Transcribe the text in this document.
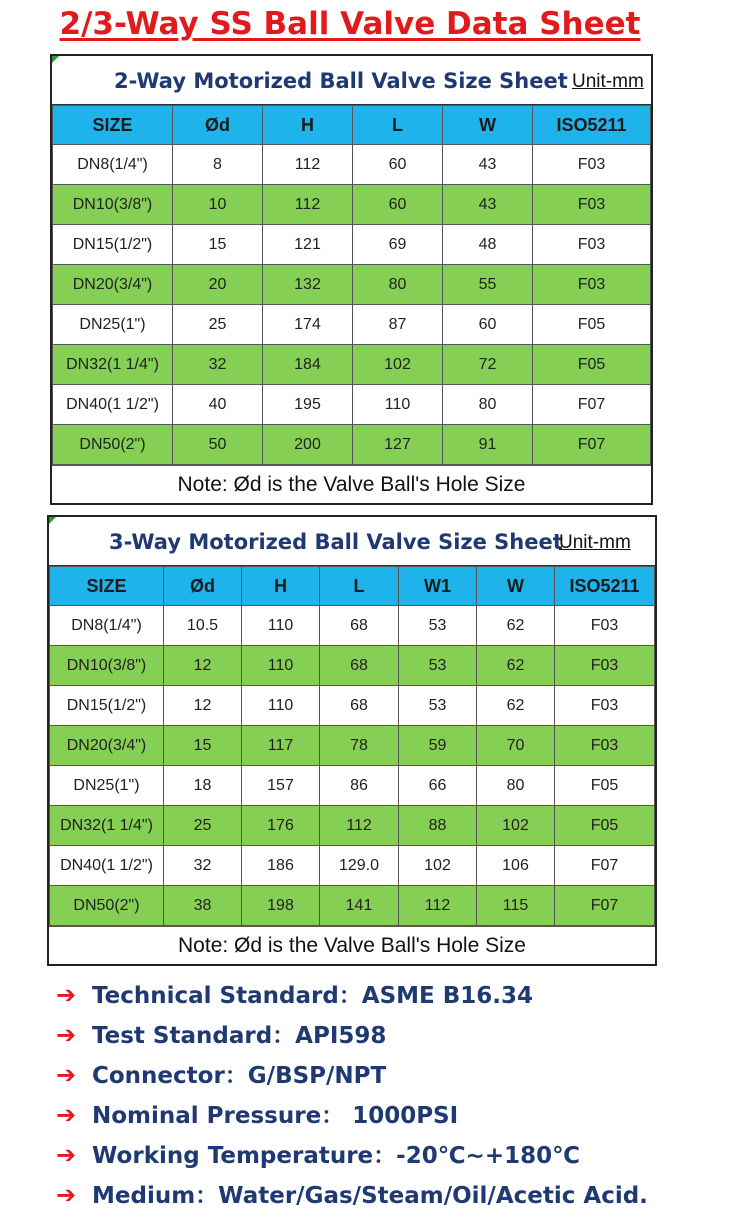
2/3-Way SS Ball Valve Data Sheet
2-Way Motorized Ball Valve Size Sheet Unit-mm
SIZE	Ød	H	L	W	ISO5211
DN8(1/4")	8	112	60	43	F03
DN10(3/8")	10	112	60	43	F03
DN15(1/2")	15	121	69	48	F03
DN20(3/4")	20	132	80	55	F03
DN25(1")	25	174	87	60	F05
DN32(1 1/4")	32	184	102	72	F05
DN40(1 1/2")	40	195	110	80	F07
DN50(2")	50	200	127	91	F07
Note: Ød is the Valve Ball's Hole Size
3-Way Motorized Ball Valve Size Sheet
Unit-mm
SIZE	Ød	H	L	W1	W	ISO5211
DN8(1/4")	10.5	110	68	53	62	F03
DN10(3/8")	12	110	68	53	62	F03
DN15(1/2")	12	110	68	53	62	F03
DN20(3/4")	15	117	78	59	70	F03
DN25(1")	18	157	86	66	80	F05
DN32(1 1/4")	25	176	112	88	102	F05
DN40(1 1/2")	32	186	129.0	102	106	F07
DN50(2")	38	198	141	112	115	F07
Note: Ød is the Valve Ball's Hole Size
➔ Technical Standard：ASME B16.34
➔ Test Standard：API598
➔ Connector：G/BSP/NPT
➔ Nominal Pressure： 1000PSI
➔ Working Temperature：-20℃~+180℃
➔ Medium：Water/Gas/Steam/Oil/Acetic Acid.
